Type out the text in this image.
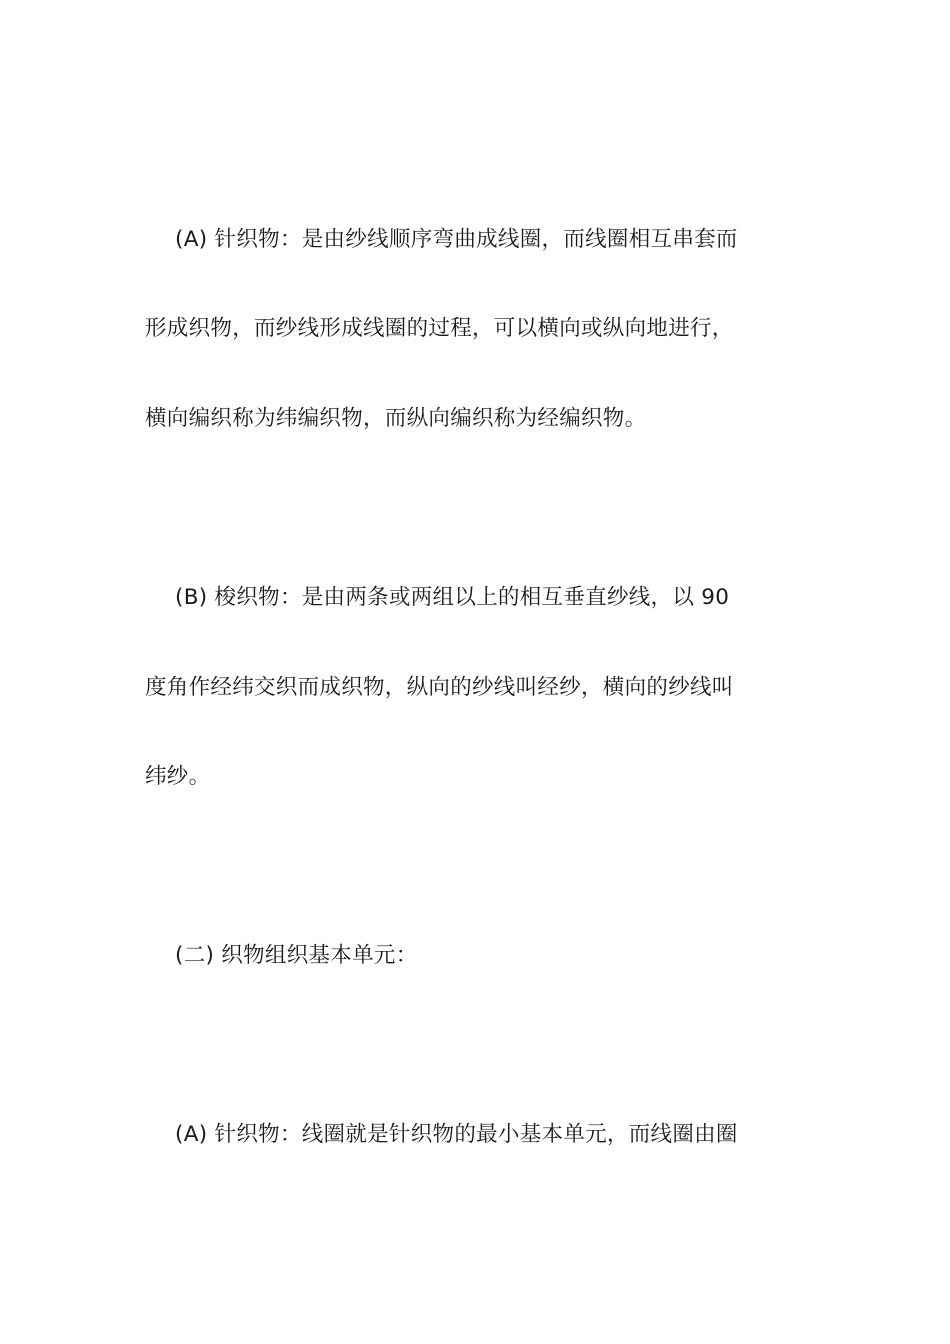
(A) 针织物：是由纱线顺序弯曲成线圈，而线圈相互串套而
形成织物，而纱线形成线圈的过程，可以横向或纵向地进行，
横向编织称为纬编织物，而纵向编织称为经编织物。
(B) 梭织物：是由两条或两组以上的相互垂直纱线，以 90
度角作经纬交织而成织物，纵向的纱线叫经纱，横向的纱线叫
纬纱。
(二) 织物组织基本单元：
(A) 针织物：线圈就是针织物的最小基本单元，而线圈由圈
